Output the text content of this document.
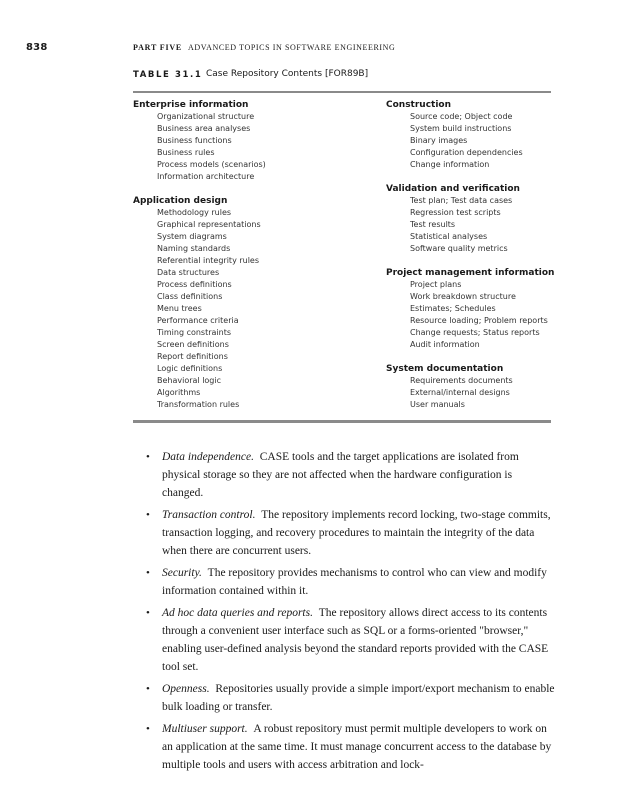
838	PART FIVE ADVANCED TOPICS IN SOFTWARE ENGINEERING
TABLE 31.1 Case Repository Contents [FOR89B]
Enterprise information
Organizational structure
Business area analyses
Business functions
Business rules
Process models (scenarios)
Information architecture
Application design
Methodology rules
Graphical representations
System diagrams
Naming standards
Referential integrity rules
Data structures
Process definitions
Class definitions
Menu trees
Performance criteria
Timing constraints
Screen definitions
Report definitions
Logic definitions
Behavioral logic
Algorithms
Transformation rules
Construction
Source code; Object code
System build instructions
Binary images
Configuration dependencies
Change information
Validation and verification
Test plan; Test data cases
Regression test scripts
Test results
Statistical analyses
Software quality metrics
Project management information
Project plans
Work breakdown structure
Estimates; Schedules
Resource loading; Problem reports
Change requests; Status reports
Audit information
System documentation
Requirements documents
External/internal designs
User manuals
• Data independence.  CASE tools and the target applications are isolated from physical storage so they are not affected when the hardware configuration is changed.
• Transaction control.  The repository implements record locking, two-stage commits, transaction logging, and recovery procedures to maintain the integrity of the data when there are concurrent users.
• Security.  The repository provides mechanisms to control who can view and modify information contained within it.
• Ad hoc data queries and reports.  The repository allows direct access to its contents through a convenient user interface such as SQL or a forms-oriented "browser," enabling user-defined analysis beyond the standard reports provided with the CASE tool set.
• Openness.  Repositories usually provide a simple import/export mechanism to enable bulk loading or transfer.
• Multiuser support.  A robust repository must permit multiple developers to work on an application at the same time. It must manage concurrent access to the database by multiple tools and users with access arbitration and lock-
